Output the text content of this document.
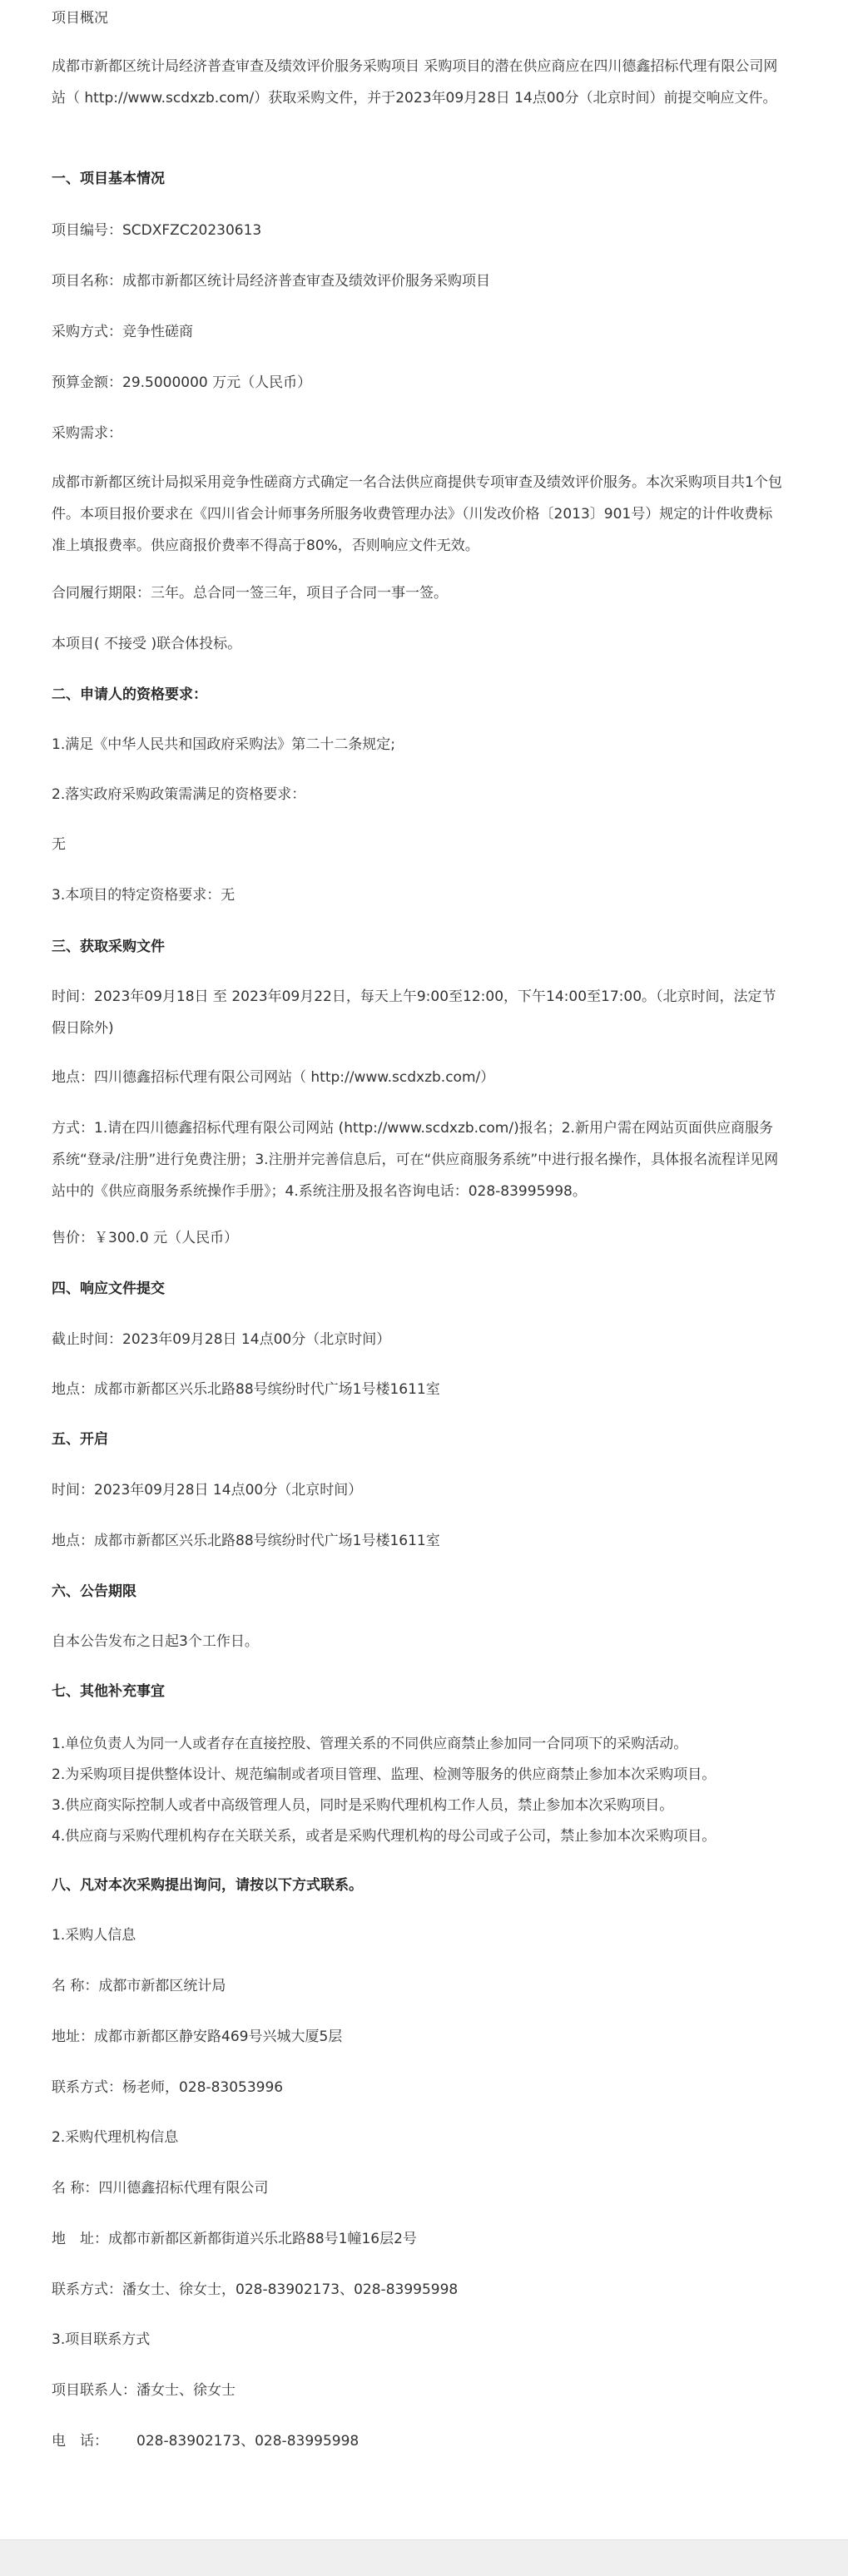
项目概况

成都市新都区统计局经济普查审查及绩效评价服务采购项目 采购项目的潜在供应商应在四川德鑫招标代理有限公司网站（ http://www.scdxzb.com/）获取采购文件，并于2023年09月28日 14点00分（北京时间）前提交响应文件。

一、项目基本情况

项目编号：SCDXFZC20230613

项目名称：成都市新都区统计局经济普查审查及绩效评价服务采购项目

采购方式：竞争性磋商

预算金额：29.5000000 万元（人民币）

采购需求：

成都市新都区统计局拟采用竞争性磋商方式确定一名合法供应商提供专项审查及绩效评价服务。本次采购项目共1个包件。本项目报价要求在《四川省会计师事务所服务收费管理办法》（川发改价格〔2013〕901号）规定的计件收费标准上填报费率。供应商报价费率不得高于80%，否则响应文件无效。

合同履行期限：三年。总合同一签三年，项目子合同一事一签。

本项目( 不接受 )联合体投标。

二、申请人的资格要求：

1.满足《中华人民共和国政府采购法》第二十二条规定;

2.落实政府采购政策需满足的资格要求：

无

3.本项目的特定资格要求：无

三、获取采购文件

时间：2023年09月18日 至 2023年09月22日，每天上午9:00至12:00，下午14:00至17:00。（北京时间，法定节假日除外)

地点：四川德鑫招标代理有限公司网站（ http://www.scdxzb.com/）

方式：1.请在四川德鑫招标代理有限公司网站 (http://www.scdxzb.com/)报名；2.新用户需在网站页面供应商服务系统“登录/注册”进行免费注册；3.注册并完善信息后，可在“供应商服务系统”中进行报名操作，具体报名流程详见网站中的《供应商服务系统操作手册》；4.系统注册及报名咨询电话：028-83995998。

售价：￥300.0 元（人民币）

四、响应文件提交

截止时间：2023年09月28日 14点00分（北京时间）

地点：成都市新都区兴乐北路88号缤纷时代广场1号楼1611室

五、开启

时间：2023年09月28日 14点00分（北京时间）

地点：成都市新都区兴乐北路88号缤纷时代广场1号楼1611室

六、公告期限

自本公告发布之日起3个工作日。

七、其他补充事宜

1.单位负责人为同一人或者存在直接控股、管理关系的不同供应商禁止参加同一合同项下的采购活动。

2.为采购项目提供整体设计、规范编制或者项目管理、监理、检测等服务的供应商禁止参加本次采购项目。

3.供应商实际控制人或者中高级管理人员，同时是采购代理机构工作人员，禁止参加本次采购项目。

4.供应商与采购代理机构存在关联关系，或者是采购代理机构的母公司或子公司，禁止参加本次采购项目。

八、凡对本次采购提出询问，请按以下方式联系。

1.采购人信息

名 称：成都市新都区统计局

地址：成都市新都区静安路469号兴城大厦5层

联系方式：杨老师，028-83053996

2.采购代理机构信息

名 称：四川德鑫招标代理有限公司

地　址：成都市新都区新都街道兴乐北路88号1幢16层2号

联系方式：潘女士、徐女士，028-83902173、028-83995998

3.项目联系方式

项目联系人：潘女士、徐女士

电　话： 028-83902173、028-83995998
